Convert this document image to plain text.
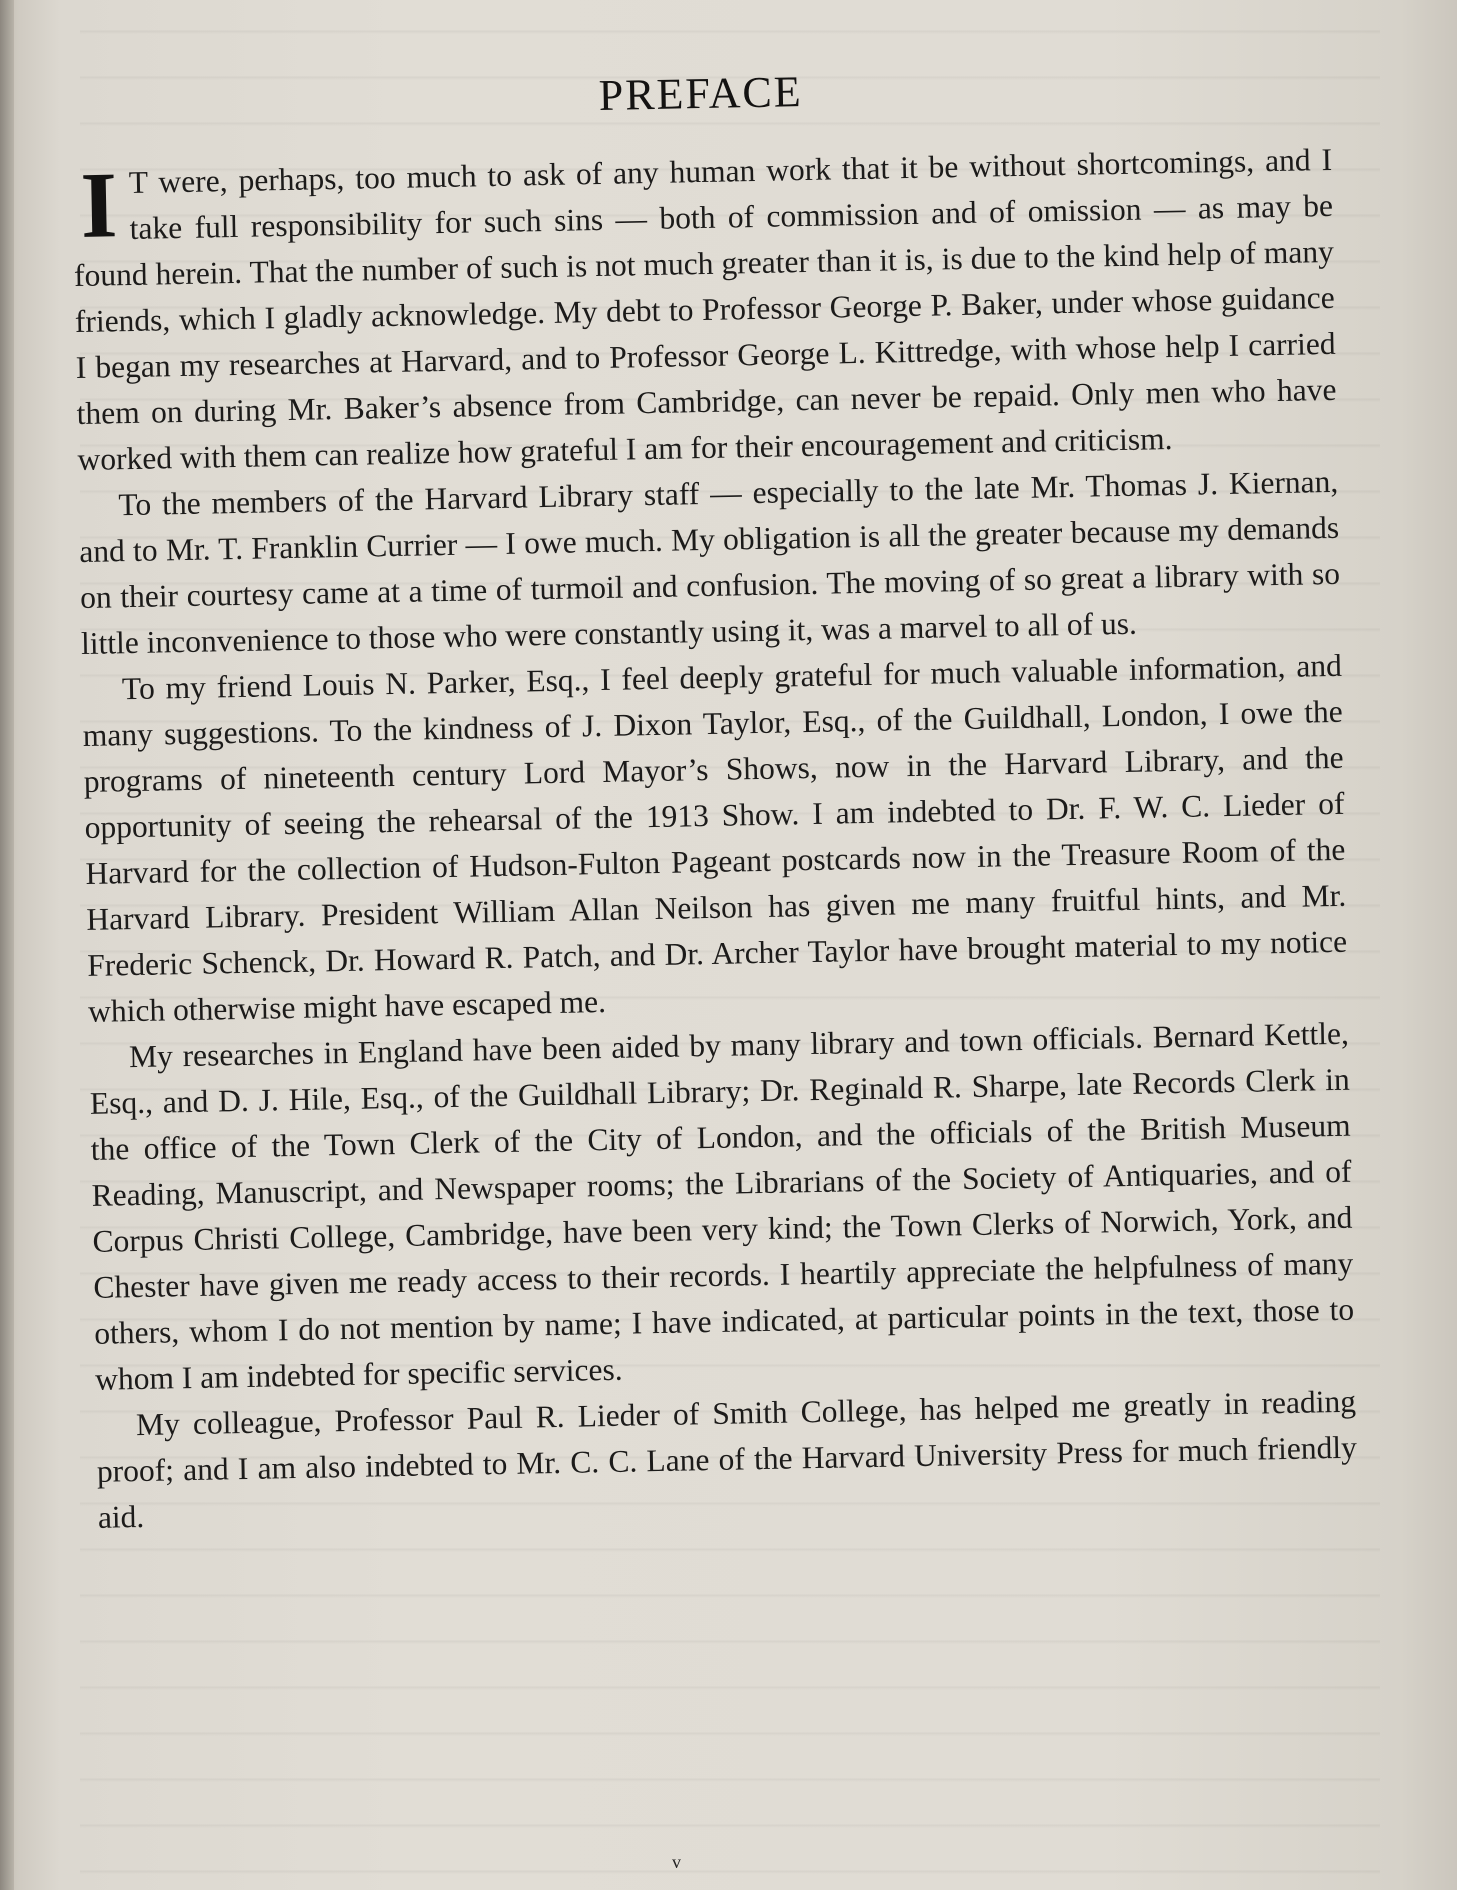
PREFACE

I T were, perhaps, too much to ask of any human work that it be without shortcomings, and I take full responsibility for such sins — both of commission and of omission — as may be found herein. That the number of such is not much greater than it is, is due to the kind help of many friends, which I gladly acknowledge. My debt to Professor George P. Baker, under whose guidance I began my researches at Harvard, and to Professor George L. Kittredge, with whose help I carried them on during Mr. Baker’s absence from Cambridge, can never be repaid. Only men who have worked with them can realize how grateful I am for their encouragement and criticism.

To the members of the Harvard Library staff — especially to the late Mr. Thomas J. Kiernan, and to Mr. T. Franklin Currier — I owe much. My obligation is all the greater because my demands on their courtesy came at a time of turmoil and confusion. The moving of so great a library with so little inconvenience to those who were constantly using it, was a marvel to all of us.

To my friend Louis N. Parker, Esq., I feel deeply grateful for much valuable information, and many suggestions. To the kindness of J. Dixon Taylor, Esq., of the Guildhall, London, I owe the programs of nineteenth century Lord Mayor’s Shows, now in the Harvard Library, and the opportunity of seeing the rehearsal of the 1913 Show. I am indebted to Dr. F. W. C. Lieder of Harvard for the collection of Hudson-Fulton Pageant postcards now in the Treasure Room of the Harvard Library. President William Allan Neilson has given me many fruitful hints, and Mr. Frederic Schenck, Dr. Howard R. Patch, and Dr. Archer Taylor have brought material to my notice which otherwise might have escaped me.

My researches in England have been aided by many library and town officials. Bernard Kettle, Esq., and D. J. Hile, Esq., of the Guildhall Library; Dr. Reginald R. Sharpe, late Records Clerk in the office of the Town Clerk of the City of London, and the officials of the British Museum Reading, Manuscript, and Newspaper rooms; the Librarians of the Society of Antiquaries, and of Corpus Christi College, Cambridge, have been very kind; the Town Clerks of Norwich, York, and Chester have given me ready access to their records. I heartily appreciate the helpfulness of many others, whom I do not mention by name; I have indicated, at particular points in the text, those to whom I am indebted for specific services.

My colleague, Professor Paul R. Lieder of Smith College, has helped me greatly in reading proof; and I am also indebted to Mr. C. C. Lane of the Harvard University Press for much friendly aid.

v
